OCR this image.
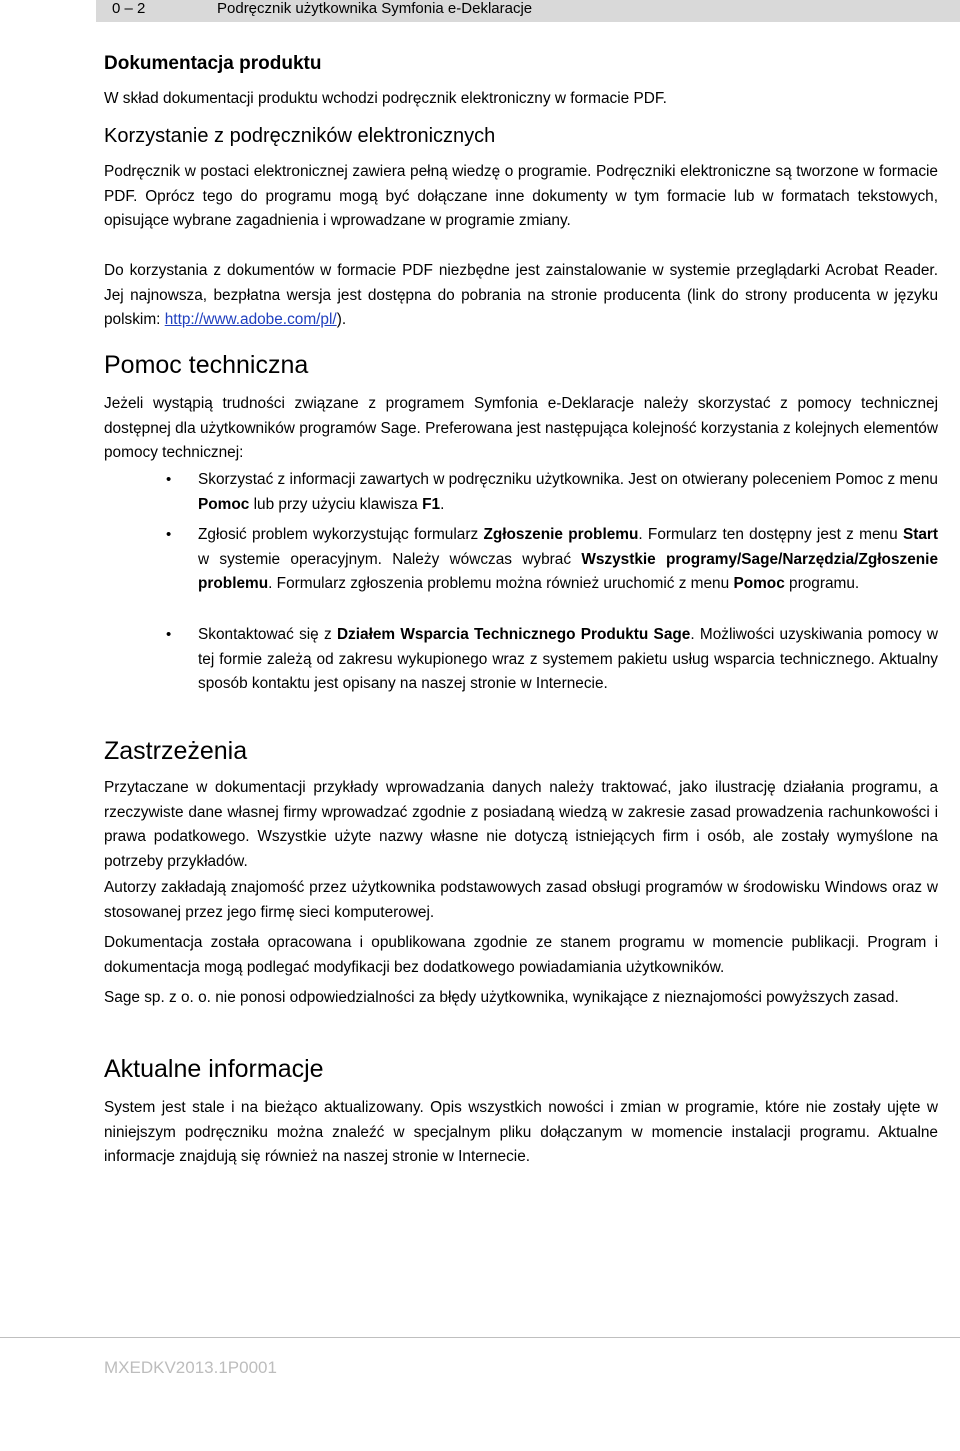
0 – 2	Podręcznik użytkownika Symfonia e-Deklaracje
Dokumentacja produktu

W skład dokumentacji produktu wchodzi podręcznik elektroniczny w formacie PDF.

Korzystanie z podręczników elektronicznych

Podręcznik w postaci elektronicznej zawiera pełną wiedzę o programie. Podręczniki elektroniczne są tworzone w formacie PDF. Oprócz tego do programu mogą być dołączane inne dokumenty w tym formacie lub w formatach tekstowych, opisujące wybrane zagadnienia i wprowadzane w programie zmiany.

Do korzystania z dokumentów w formacie PDF niezbędne jest zainstalowanie w systemie przeglądarki Acrobat Reader. Jej najnowsza, bezpłatna wersja jest dostępna do pobrania na stronie producenta (link do strony producenta w języku polskim: http://www.adobe.com/pl/).

Pomoc techniczna

Jeżeli wystąpią trudności związane z programem Symfonia e-Deklaracje należy skorzystać z pomocy technicznej dostępnej dla użytkowników programów Sage. Preferowana jest następująca kolejność korzystania z kolejnych elementów pomocy technicznej:

• Skorzystać z informacji zawartych w podręczniku użytkownika. Jest on otwierany poleceniem Pomoc z menu Pomoc lub przy użyciu klawisza F1.

• Zgłosić problem wykorzystując formularz Zgłoszenie problemu. Formularz ten dostępny jest z menu Start w systemie operacyjnym. Należy wówczas wybrać Wszystkie programy/Sage/Narzędzia/Zgłoszenie problemu. Formularz zgłoszenia problemu można również uruchomić z menu Pomoc programu.

• Skontaktować się z Działem Wsparcia Technicznego Produktu Sage. Możliwości uzyskiwania pomocy w tej formie zależą od zakresu wykupionego wraz z systemem pakietu usług wsparcia technicznego. Aktualny sposób kontaktu jest opisany na naszej stronie w Internecie.

Zastrzeżenia

Przytaczane w dokumentacji przykłady wprowadzania danych należy traktować, jako ilustrację działania programu, a rzeczywiste dane własnej firmy wprowadzać zgodnie z posiadaną wiedzą w zakresie zasad prowadzenia rachunkowości i prawa podatkowego. Wszystkie użyte nazwy własne nie dotyczą istniejących firm i osób, ale zostały wymyślone na potrzeby przykładów.

Autorzy zakładają znajomość przez użytkownika podstawowych zasad obsługi programów w środowisku Windows oraz w stosowanej przez jego firmę sieci komputerowej.

Dokumentacja została opracowana i opublikowana zgodnie ze stanem programu w momencie publikacji. Program i dokumentacja mogą podlegać modyfikacji bez dodatkowego powiadamiania użytkowników.

Sage sp. z o. o. nie ponosi odpowiedzialności za błędy użytkownika, wynikające z nieznajomości powyższych zasad.

Aktualne informacje

System jest stale i na bieżąco aktualizowany. Opis wszystkich nowości i zmian w programie, które nie zostały ujęte w niniejszym podręczniku można znaleźć w specjalnym pliku dołączanym w momencie instalacji programu. Aktualne informacje znajdują się również na naszej stronie w Internecie.

MXEDKV2013.1P0001
